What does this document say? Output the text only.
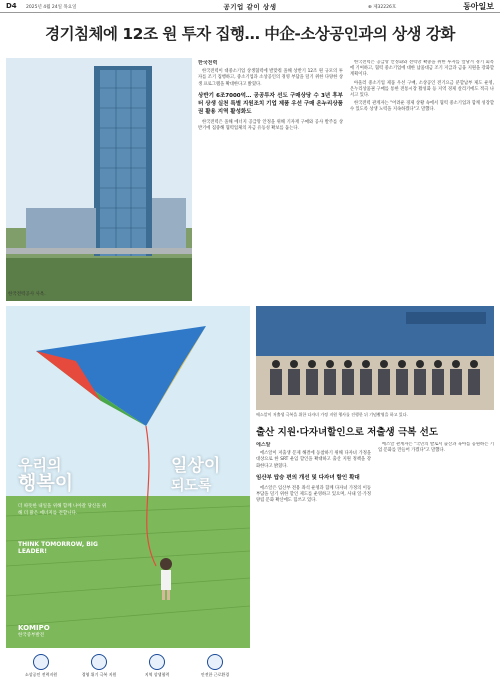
D4 2025년 4월 24일 목요일	공기업 같이 상생	⊕ 제32226호	동아일보
경기침체에 12조 원 투자 집행… 中企-소상공인과의 상생 강화
한국전력공사 사옥.
한국전력

한국전력이 대중소기업 상생협력에 발맞춰 올해 상반기 12조 원 규모의 투자를 조기 집행하고, 중소기업과 소상공인의 경영 부담을 덜기 위한 다양한 상생 프로그램을 확대한다고 밝혔다.

상반기 6조7000억… 공공투자 선도 구매상당 수 3년 후부터 상생 실천 특별 지원조치 기업 제품 우선 구매 온누리상품권 활용 지역 활성화도

한국전력은 올해 에너지 공급망 안정을 위해 기자재 구매와 공사 발주를 상반기에 집중해 협력업체의 자금 유동성 확보를 돕는다.

한국전력은 공급망 안정화와 전력망 확충을 위한 투자를 앞당겨 경기 회복에 기여하고, 협력 중소기업에 대한 납품대금 조기 지급과 금융 지원을 강화할 계획이다.

아울러 중소기업 제품 우선 구매, 소상공인 전기요금 분할납부 제도 운영, 온누리상품권 구매를 통한 전통시장 활성화 등 지역 경제 살리기에도 적극 나서고 있다.

한국전력 관계자는 "어려운 경제 상황 속에서 협력 중소기업과 함께 성장할 수 있도록 상생 노력을 지속하겠다"고 말했다.

우리의
행복이
일상이
되도록
더 따뜻한 내일을 위해 함께 나아갈 당신을 위해 더 맑은 에너지를 전합니다.
THINK TOMORROW, BIG LEADER!
KOMIPO
한국중부발전
소상공인 전력지원	경영 위기 극복 지원	지역 상생협력	안전한 근로환경
에스알이 저출생 극복을 위한 다자녀 가정 지원 행사를 진행한 뒤 기념촬영을 하고 있다.
출산 지원·다자녀할인으로 저출생 극복 선도
에스알

에스알이 저출생 문제 해결에 동참하기 위해 다자녀 가정을 대상으로 한 SRT 운임 할인을 확대하고 출산 지원 정책을 강화한다고 밝혔다.

임산부 탑승 편의 개선 및 다자녀 할인 확대

에스알은 임산부 전용 좌석 운영과 함께 다자녀 가정의 이동 부담을 덜기 위한 할인 제도를 운영하고 있으며, 사내 일·가정 양립 문화 확산에도 힘쓰고 있다.

에스알 관계자는 "국민의 발로서 출산과 육아를 응원하는 기업 문화를 만들어 가겠다"고 말했다.
